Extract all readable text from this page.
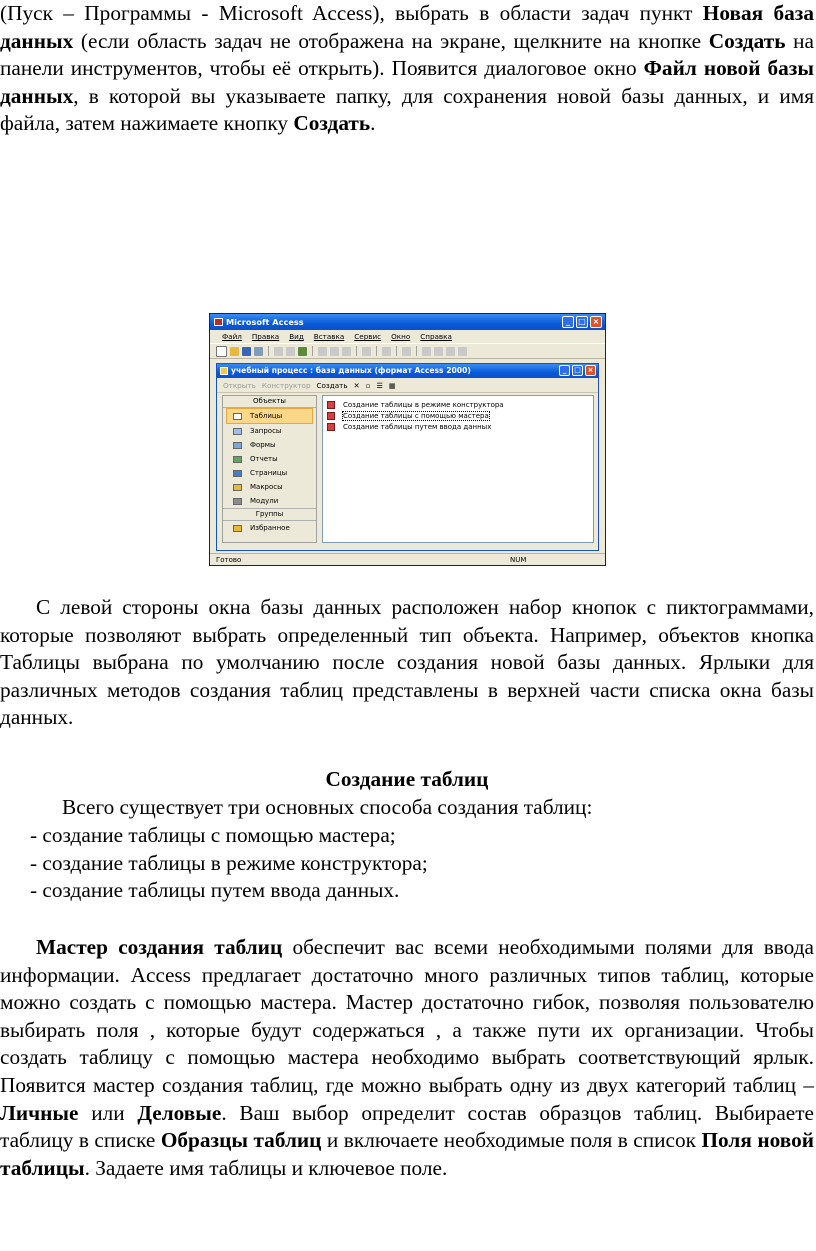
(Пуск – Программы - Microsoft Access), выбрать в области задач пункт Новая база данных (если область задач не отображена на экране, щелкните на кнопке Создать на панели инструментов, чтобы её открыть). Появится диалоговое окно Файл новой базы данных, в которой вы указываете папку, для сохранения новой базы данных, и имя файла, затем нажимаете кнопку Создать.

Microsoft Access	_	□ ×
Файл Правка Вид Вставка Сервис Окно Справка
учебный процесс : база данных (формат Access 2000)	_	□ ×
Открыть Конструктор Создать ✕ ▫ ☰ ▦
Объекты
Таблицы
Запросы
Формы
Отчеты
Страницы
Макросы
Модули
Группы
Избранное
Создание таблицы в режиме конструктора
Создание таблицы с помощью мастера
Создание таблицы путем ввода данных
Готово	NUM

С левой стороны окна базы данных расположен набор кнопок с пиктограммами, которые позволяют выбрать определенный тип объекта. Например, объектов кнопка Таблицы выбрана по умолчанию после создания новой базы данных. Ярлыки для различных методов создания таблиц представлены в верхней части списка окна базы данных.

Создание таблиц

Всего существует три основных способа создания таблиц:

- создание таблицы с помощью мастера;

- создание таблицы в режиме конструктора;

- создание таблицы путем ввода данных.

Мастер создания таблиц обеспечит вас всеми необходимыми полями для ввода информации. Access предлагает достаточно много различных типов таблиц, которые можно создать с помощью мастера. Мастер достаточно гибок, позволяя пользователю выбирать поля , которые будут содержаться , а также пути их организации. Чтобы создать таблицу с помощью мастера необходимо выбрать соответствующий ярлык. Появится мастер создания таблиц, где можно выбрать одну из двух категорий таблиц – Личные или Деловые. Ваш выбор определит состав образцов таблиц. Выбираете таблицу в списке Образцы таблиц и включаете необходимые поля в список Поля новой таблицы. Задаете имя таблицы и ключевое поле.
